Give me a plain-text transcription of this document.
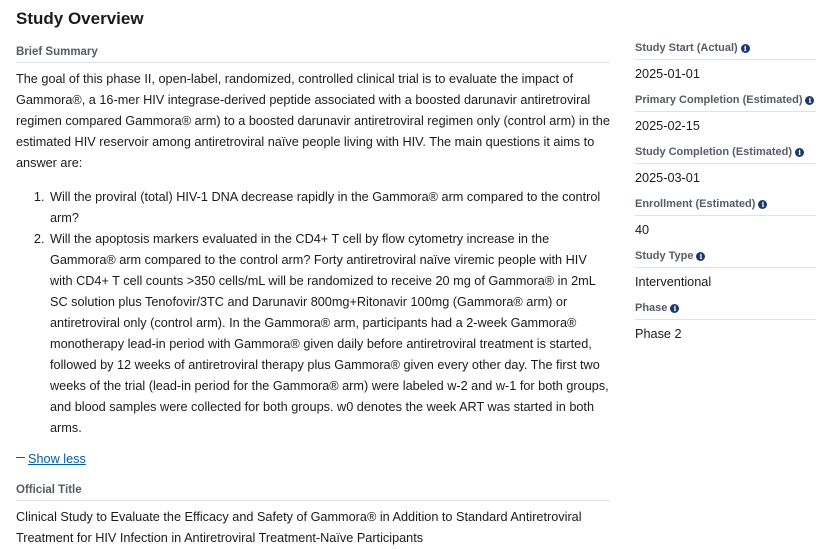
Study Overview
Brief Summary

The goal of this phase II, open-label, randomized, controlled clinical trial is to evaluate the impact of Gammora®, a 16-mer HIV integrase-derived peptide associated with a boosted darunavir antiretroviral regimen compared Gammora® arm) to a boosted darunavir antiretroviral regimen only (control arm) in the estimated HIV reservoir among antiretroviral naïve people living with HIV. The main questions it aims to answer are:

1. Will the proviral (total) HIV-1 DNA decrease rapidly in the Gammora® arm compared to the control arm?
2. Will the apoptosis markers evaluated in the CD4+ T cell by flow cytometry increase in the Gammora® arm compared to the control arm? Forty antiretroviral naïve viremic people with HIV with CD4+ T cell counts >350 cells/mL will be randomized to receive 20 mg of Gammora® in 2mL SC solution plus Tenofovir/3TC and Darunavir 800mg+Ritonavir 100mg (Gammora® arm) or antiretroviral only (control arm). In the Gammora® arm, participants had a 2-week Gammora® monotherapy lead-in period with Gammora® given daily before antiretroviral treatment is started, followed by 12 weeks of antiretroviral therapy plus Gammora® given every other day. The first two weeks of the trial (lead-in period for the Gammora® arm) were labeled w-2 and w-1 for both groups, and blood samples were collected for both groups. w0 denotes the week ART was started in both arms.
Show less
Official Title
Clinical Study to Evaluate the Efficacy and Safety of Gammora® in Addition to Standard Antiretroviral Treatment for HIV Infection in Antiretroviral Treatment-Naïve Participants
Study Start (Actual) i
2025-01-01
Primary Completion (Estimated) i
2025-02-15
Study Completion (Estimated) i
2025-03-01
Enrollment (Estimated) i
40
Study Type i
Interventional
Phase i
Phase 2
